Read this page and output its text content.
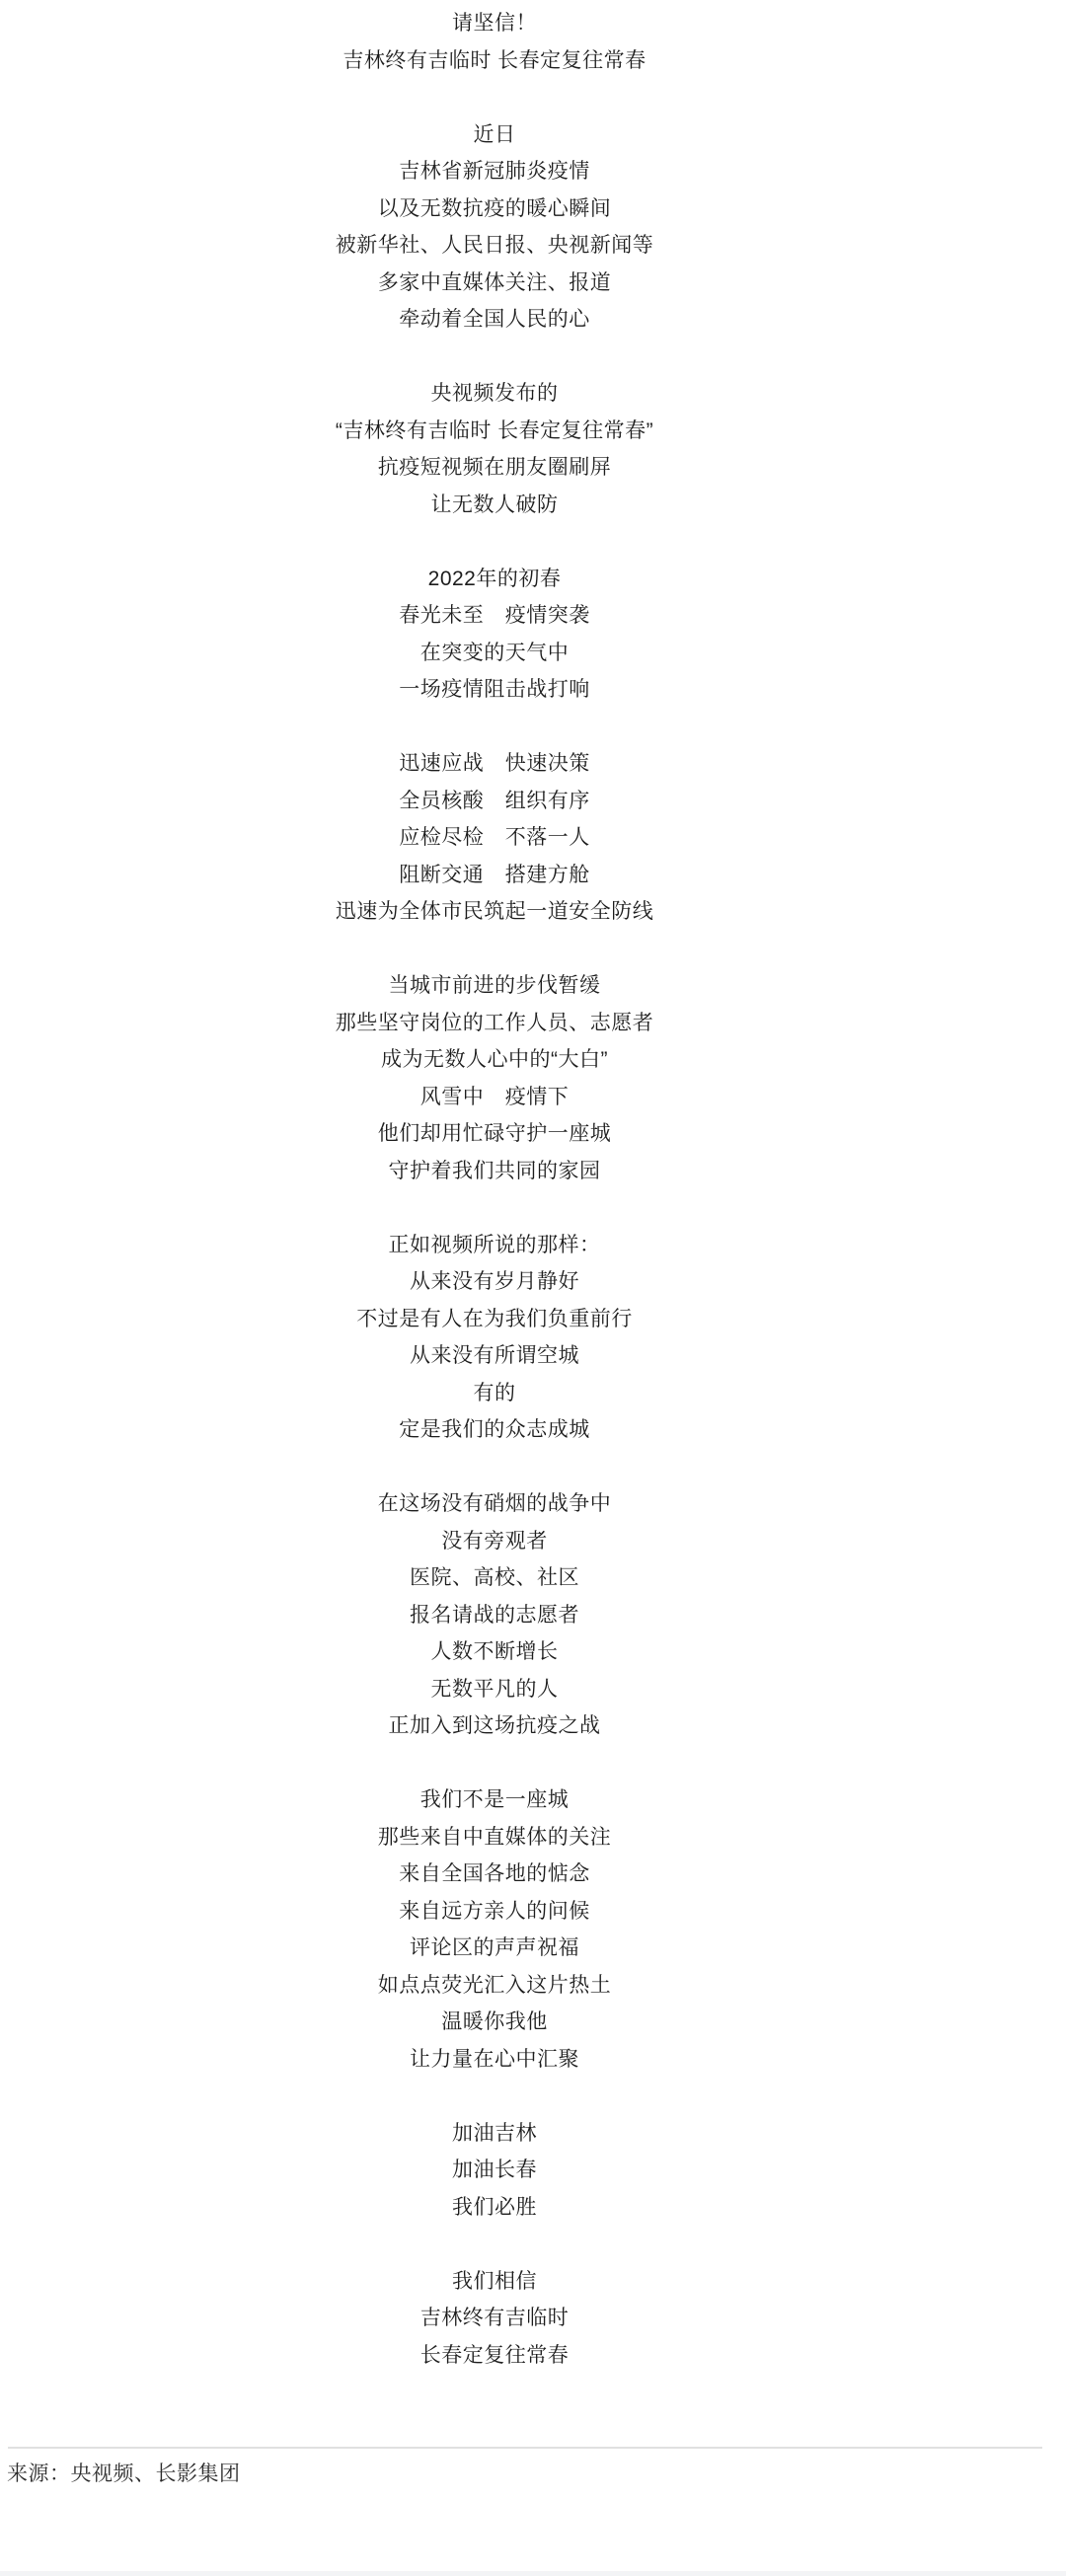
请坚信！
吉林终有吉临时 长春定复往常春
近日
吉林省新冠肺炎疫情
以及无数抗疫的暖心瞬间
被新华社、人民日报、央视新闻等
多家中直媒体关注、报道
牵动着全国人民的心
央视频发布的
“吉林终有吉临时 长春定复往常春”
抗疫短视频在朋友圈刷屏
让无数人破防
2022年的初春
春光未至　疫情突袭
在突变的天气中
一场疫情阻击战打响
迅速应战　快速决策
全员核酸　组织有序
应检尽检　不落一人
阻断交通　搭建方舱
迅速为全体市民筑起一道安全防线
当城市前进的步伐暂缓
那些坚守岗位的工作人员、志愿者
成为无数人心中的“大白”
风雪中　疫情下
他们却用忙碌守护一座城
守护着我们共同的家园
正如视频所说的那样：
从来没有岁月静好
不过是有人在为我们负重前行
从来没有所谓空城
有的
定是我们的众志成城
在这场没有硝烟的战争中
没有旁观者
医院、高校、社区
报名请战的志愿者
人数不断增长
无数平凡的人
正加入到这场抗疫之战
我们不是一座城
那些来自中直媒体的关注
来自全国各地的惦念
来自远方亲人的问候
评论区的声声祝福
如点点荧光汇入这片热土
温暖你我他
让力量在心中汇聚
加油吉林
加油长春
我们必胜
我们相信
吉林终有吉临时
长春定复往常春
来源：央视频、长影集团
